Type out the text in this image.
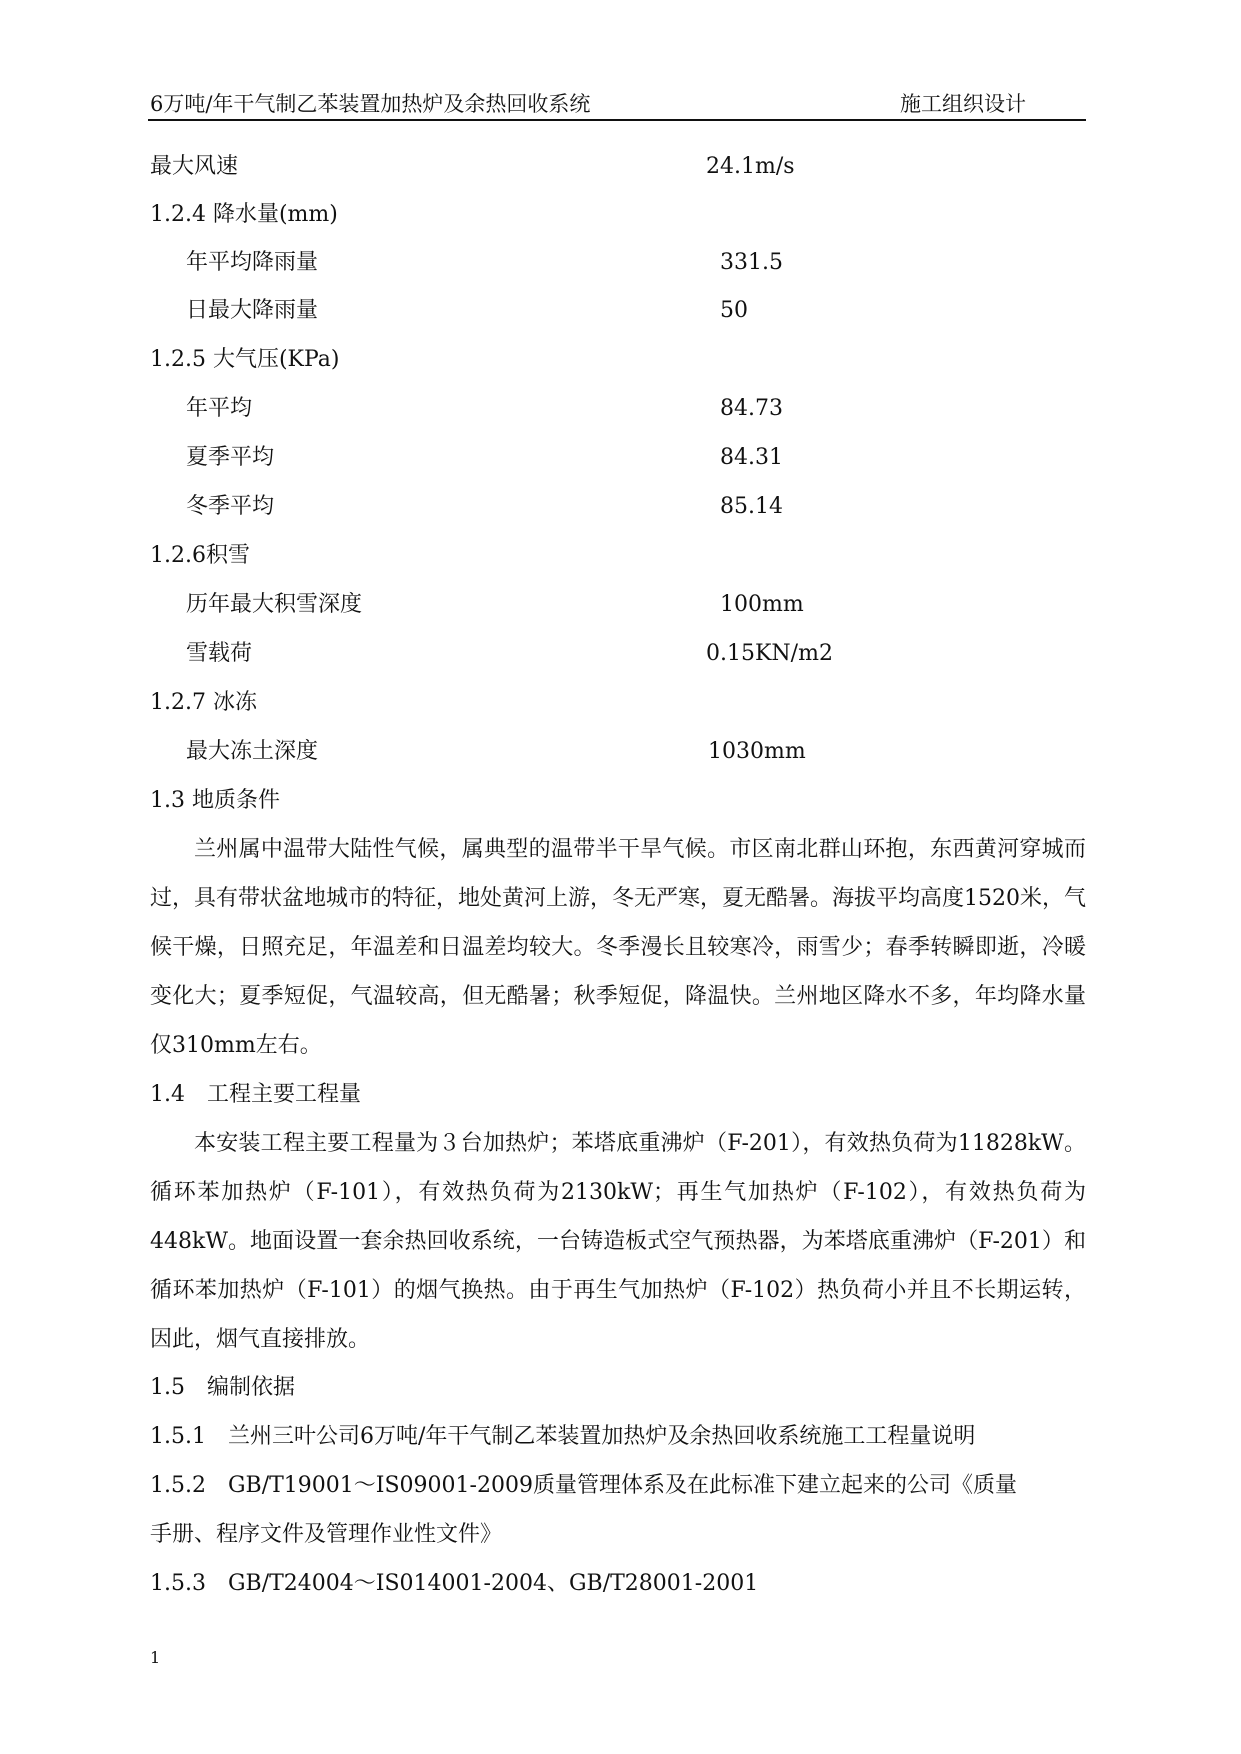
6万吨/年干气制乙苯装置加热炉及余热回收系统	施工组织设计
最大风速	24.1m/s
1.2.4 降水量(mm)
年平均降雨量	331.5
日最大降雨量	50
1.2.5 大气压(KPa)
年平均	84.73
夏季平均	84.31
冬季平均	85.14
1.2.6积雪
历年最大积雪深度	100mm
雪载荷	0.15KN/m2
1.2.7 冰冻
最大冻土深度	1030mm
1.3 地质条件

兰州属中温带大陆性气候，属典型的温带半干旱气候。市区南北群山环抱，东西黄河穿城而过，具有带状盆地城市的特征，地处黄河上游，冬无严寒，夏无酷暑。海拔平均高度1520米，气候干燥，日照充足，年温差和日温差均较大。冬季漫长且较寒冷，雨雪少；春季转瞬即逝，冷暖变化大；夏季短促，气温较高，但无酷暑；秋季短促，降温快。兰州地区降水不多，年均降水量仅310mm左右。

1.4　工程主要工程量

本安装工程主要工程量为３台加热炉；苯塔底重沸炉（F-201），有效热负荷为11828kW。循环苯加热炉（F-101），有效热负荷为2130kW；再生气加热炉（F-102），有效热负荷为448kW。地面设置一套余热回收系统，一台铸造板式空气预热器，为苯塔底重沸炉（F-201）和循环苯加热炉（F-101）的烟气换热。由于再生气加热炉（F-102）热负荷小并且不长期运转，因此，烟气直接排放。

1.5　编制依据
1.5.1　兰州三叶公司6万吨/年干气制乙苯装置加热炉及余热回收系统施工工程量说明
1.5.2　GB/T19001～IS09001-2009质量管理体系及在此标准下建立起来的公司《质量
手册、程序文件及管理作业性文件》
1.5.3　GB/T24004～IS014001-2004、GB/T28001-2001
1
